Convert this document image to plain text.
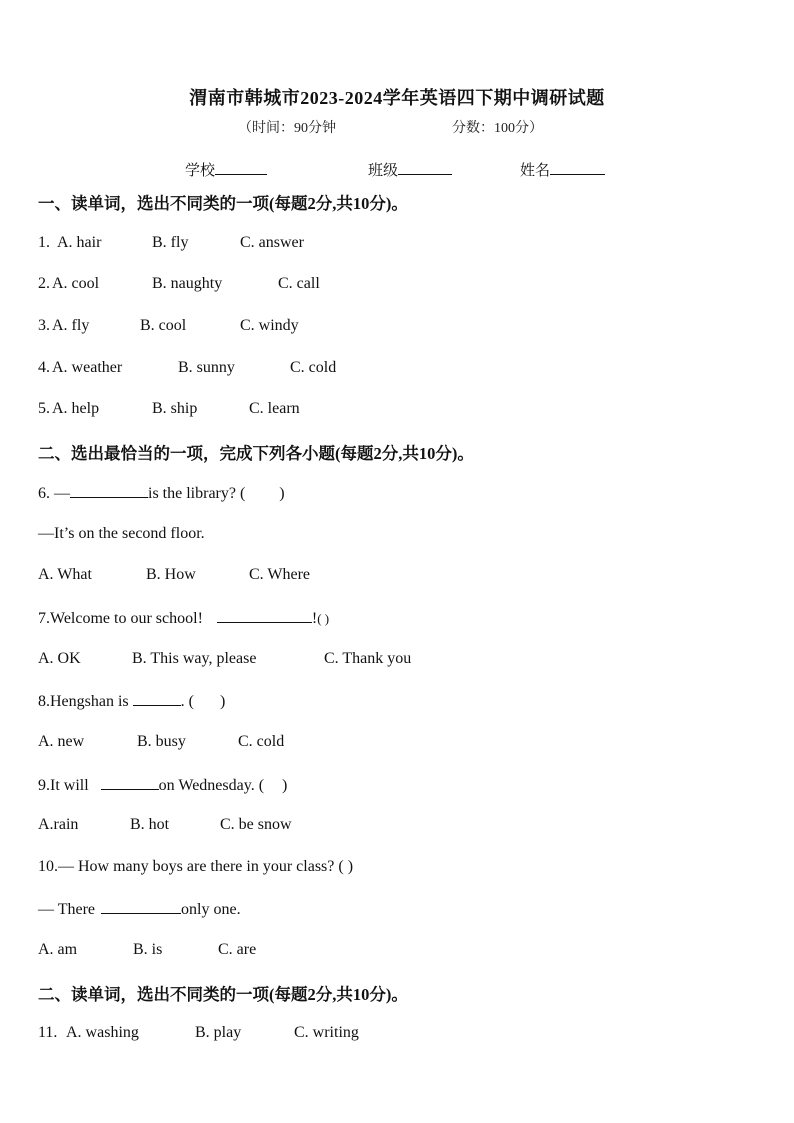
渭南市韩城市2023-2024学年英语四下期中调研试题
（时间：90分钟	分数：100分）
学校	班级	姓名
一、读单词，选出不同类的一项(每题2分,共10分)。
1. A. hair	B. fly	C. answer
2. A. cool	B. naughty	C. call
3. A. fly	B. cool	C. windy
4. A. weather	B. sunny	C. cold
5. A. help	B. ship	C. learn
二、选出最恰当的一项，完成下列各小题(每题2分,共10分)。
6. —	is the library? ( )
—It’s on the second floor.
A. What	B. How	C. Where
7.Welcome to our school!	!( )
A. OK	B. This way, please	C. Thank you
8.Hengshan is	. ( )
A. new	B. busy	C. cold
9.It will	on Wednesday. ( )
A.rain	B. hot	C. be snow
10.— How many boys are there in your class? ( )
— There	only one.
A. am	B. is	C. are
二、读单词，选出不同类的一项(每题2分,共10分)。
11. A. washing	B. play	C. writing
